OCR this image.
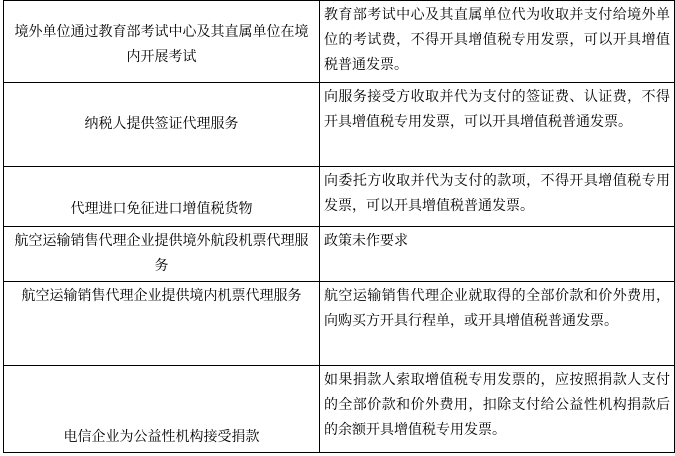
境外单位通过教育部考试中心及其直属单位在境内开展考试	教育部考试中心及其直属单位代为收取并支付给境外单位的考试费，不得开具增值税专用发票，可以开具增值税普通发票。

纳税人提供签证代理服务	向服务接受方收取并代为支付的签证费、认证费，不得开具增值税专用发票，可以开具增值税普通发票。

代理进口免征进口增值税货物	向委托方收取并代为支付的款项，不得开具增值税专用发票，可以开具增值税普通发票。

航空运输销售代理企业提供境外航段机票代理服务	政策未作要求

航空运输销售代理企业提供境内机票代理服务	航空运输销售代理企业就取得的全部价款和价外费用，向购买方开具行程单，或开具增值税普通发票。

电信企业为公益性机构接受捐款	如果捐款人索取增值税专用发票的，应按照捐款人支付的全部价款和价外费用，扣除支付给公益性机构捐款后的余额开具增值税专用发票。
